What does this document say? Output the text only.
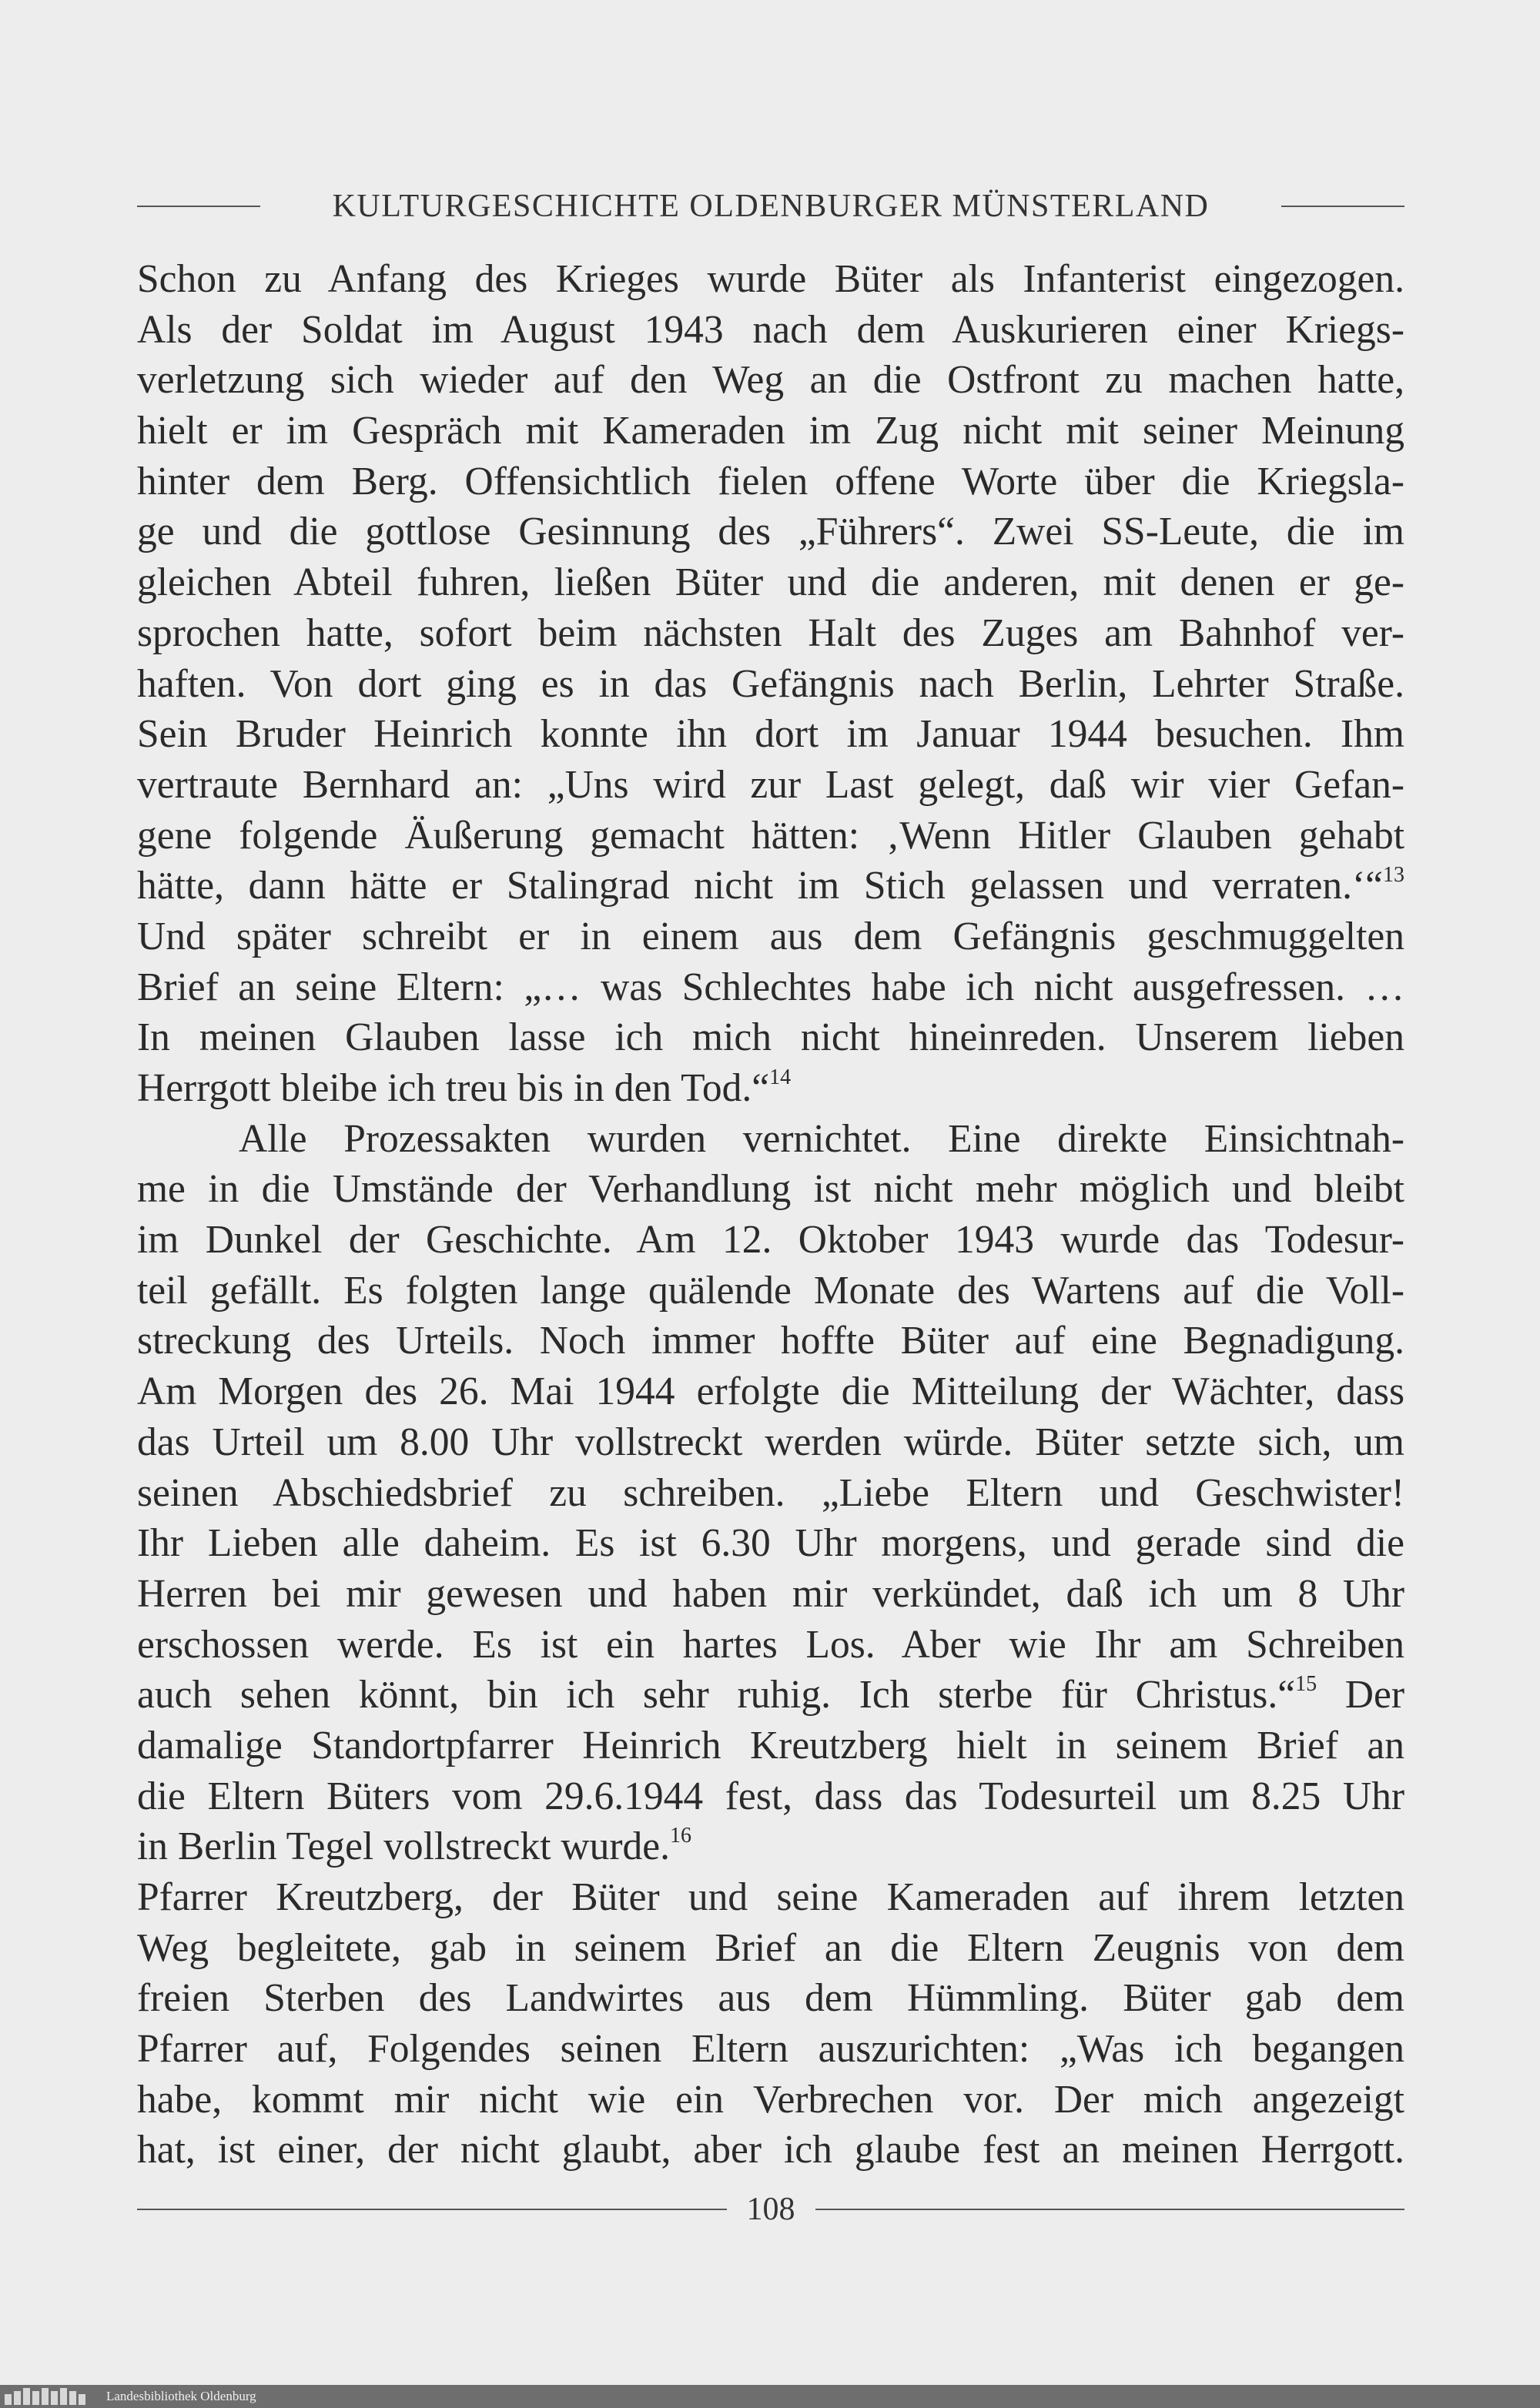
KULTURGESCHICHTE OLDENBURGER MÜNSTERLAND
Schon zu Anfang des Krieges wurde Büter als Infanterist eingezogen.
Als der Soldat im August 1943 nach dem Auskurieren einer Kriegs-
verletzung sich wieder auf den Weg an die Ostfront zu machen hatte,
hielt er im Gespräch mit Kameraden im Zug nicht mit seiner Meinung
hinter dem Berg. Offensichtlich fielen offene Worte über die Kriegsla-
ge und die gottlose Gesinnung des „Führers“. Zwei SS-Leute, die im
gleichen Abteil fuhren, ließen Büter und die anderen, mit denen er ge-
sprochen hatte, sofort beim nächsten Halt des Zuges am Bahnhof ver-
haften. Von dort ging es in das Gefängnis nach Berlin, Lehrter Straße.
Sein Bruder Heinrich konnte ihn dort im Januar 1944 besuchen. Ihm
vertraute Bernhard an: „Uns wird zur Last gelegt, daß wir vier Gefan-
gene folgende Äußerung gemacht hätten: ‚Wenn Hitler Glauben gehabt
hätte, dann hätte er Stalingrad nicht im Stich gelassen und verraten.‘“$^{13}$
Und später schreibt er in einem aus dem Gefängnis geschmuggelten
Brief an seine Eltern: „… was Schlechtes habe ich nicht ausgefressen. …
In meinen Glauben lasse ich mich nicht hineinreden. Unserem lieben
Herrgott bleibe ich treu bis in den Tod.“$^{14}$
Alle Prozessakten wurden vernichtet. Eine direkte Einsichtnah-
me in die Umstände der Verhandlung ist nicht mehr möglich und bleibt
im Dunkel der Geschichte. Am 12. Oktober 1943 wurde das Todesur-
teil gefällt. Es folgten lange quälende Monate des Wartens auf die Voll-
streckung des Urteils. Noch immer hoffte Büter auf eine Begnadigung.
Am Morgen des 26. Mai 1944 erfolgte die Mitteilung der Wächter, dass
das Urteil um 8.00 Uhr vollstreckt werden würde. Büter setzte sich, um
seinen Abschiedsbrief zu schreiben. „Liebe Eltern und Geschwister!
Ihr Lieben alle daheim. Es ist 6.30 Uhr morgens, und gerade sind die
Herren bei mir gewesen und haben mir verkündet, daß ich um 8 Uhr
erschossen werde. Es ist ein hartes Los. Aber wie Ihr am Schreiben
auch sehen könnt, bin ich sehr ruhig. Ich sterbe für Christus.“$^{15}$ Der
damalige Standortpfarrer Heinrich Kreutzberg hielt in seinem Brief an
die Eltern Büters vom 29.6.1944 fest, dass das Todesurteil um 8.25 Uhr
in Berlin Tegel vollstreckt wurde.$^{16}$
Pfarrer Kreutzberg, der Büter und seine Kameraden auf ihrem letzten
Weg begleitete, gab in seinem Brief an die Eltern Zeugnis von dem
freien Sterben des Landwirtes aus dem Hümmling. Büter gab dem
Pfarrer auf, Folgendes seinen Eltern auszurichten: „Was ich begangen
habe, kommt mir nicht wie ein Verbrechen vor. Der mich angezeigt
hat, ist einer, der nicht glaubt, aber ich glaube fest an meinen Herrgott.
108
Landesbibliothek Oldenburg
